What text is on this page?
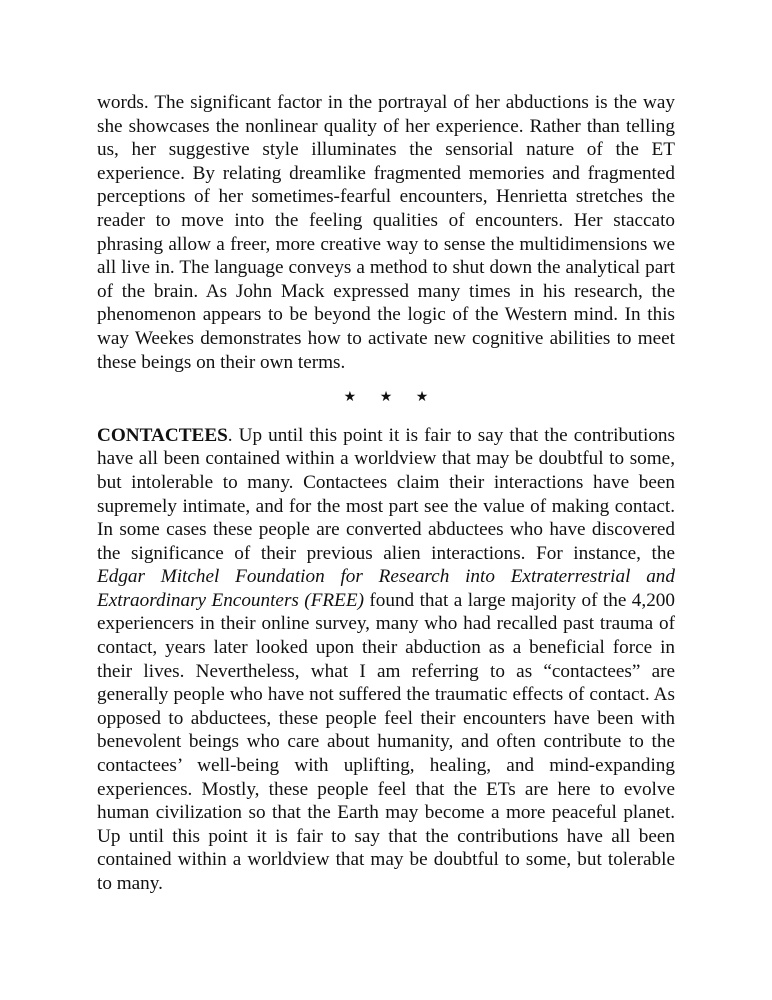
words. The significant factor in the portrayal of her abductions is the way she showcases the nonlinear quality of her experience. Rather than telling us, her suggestive style illuminates the sensorial nature of the ET experience. By relating dreamlike fragmented memories and fragmented perceptions of her sometimes-fearful encounters, Henrietta stretches the reader to move into the feeling qualities of encounters. Her staccato phrasing allow a freer, more creative way to sense the multidimensions we all live in. The language conveys a method to shut down the analytical part of the brain. As John Mack expressed many times in his research, the phenomenon appears to be beyond the logic of the Western mind. In this way Weekes demonstrates how to activate new cognitive abilities to meet these beings on their own terms.

★ ★ ★

CONTACTEES. Up until this point it is fair to say that the contributions have all been contained within a worldview that may be doubtful to some, but intolerable to many. Contactees claim their interactions have been supremely intimate, and for the most part see the value of making contact. In some cases these people are converted abductees who have discovered the significance of their previous alien interactions. For instance, the Edgar Mitchel Foundation for Research into Extraterrestrial and Extraordinary Encounters (FREE) found that a large majority of the 4,200 experiencers in their online survey, many who had recalled past trauma of contact, years later looked upon their abduction as a beneficial force in their lives. Nevertheless, what I am referring to as “contactees” are generally people who have not suffered the traumatic effects of contact. As opposed to abductees, these people feel their encounters have been with benevolent beings who care about humanity, and often contribute to the contactees’ well-being with uplifting, healing, and mind-expanding experiences. Mostly, these people feel that the ETs are here to evolve human civilization so that the Earth may become a more peaceful planet. Up until this point it is fair to say that the contributions have all been contained within a worldview that may be doubtful to some, but tolerable to many.
